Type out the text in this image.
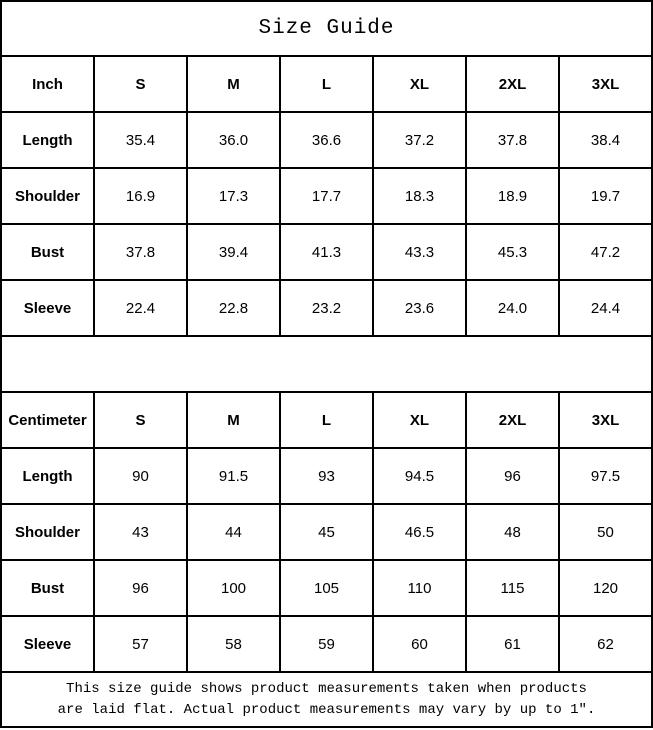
Size Guide						
Inch	S	M	L	XL	2XL	3XL
Length	35.4	36.0	36.6	37.2	37.8	38.4
Shoulder	16.9	17.3	17.7	18.3	18.9	19.7
Bust	37.8	39.4	41.3	43.3	45.3	47.2
Sleeve	22.4	22.8	23.2	23.6	24.0	24.4

Centimeter	S	M	L	XL	2XL	3XL
Length	90	91.5	93	94.5	96	97.5
Shoulder	43	44	45	46.5	48	50
Bust	96	100	105	110	115	120
Sleeve	57	58	59	60	61	62

This size guide shows product measurements taken when products
are laid flat. Actual product measurements may vary by up to 1″.						
